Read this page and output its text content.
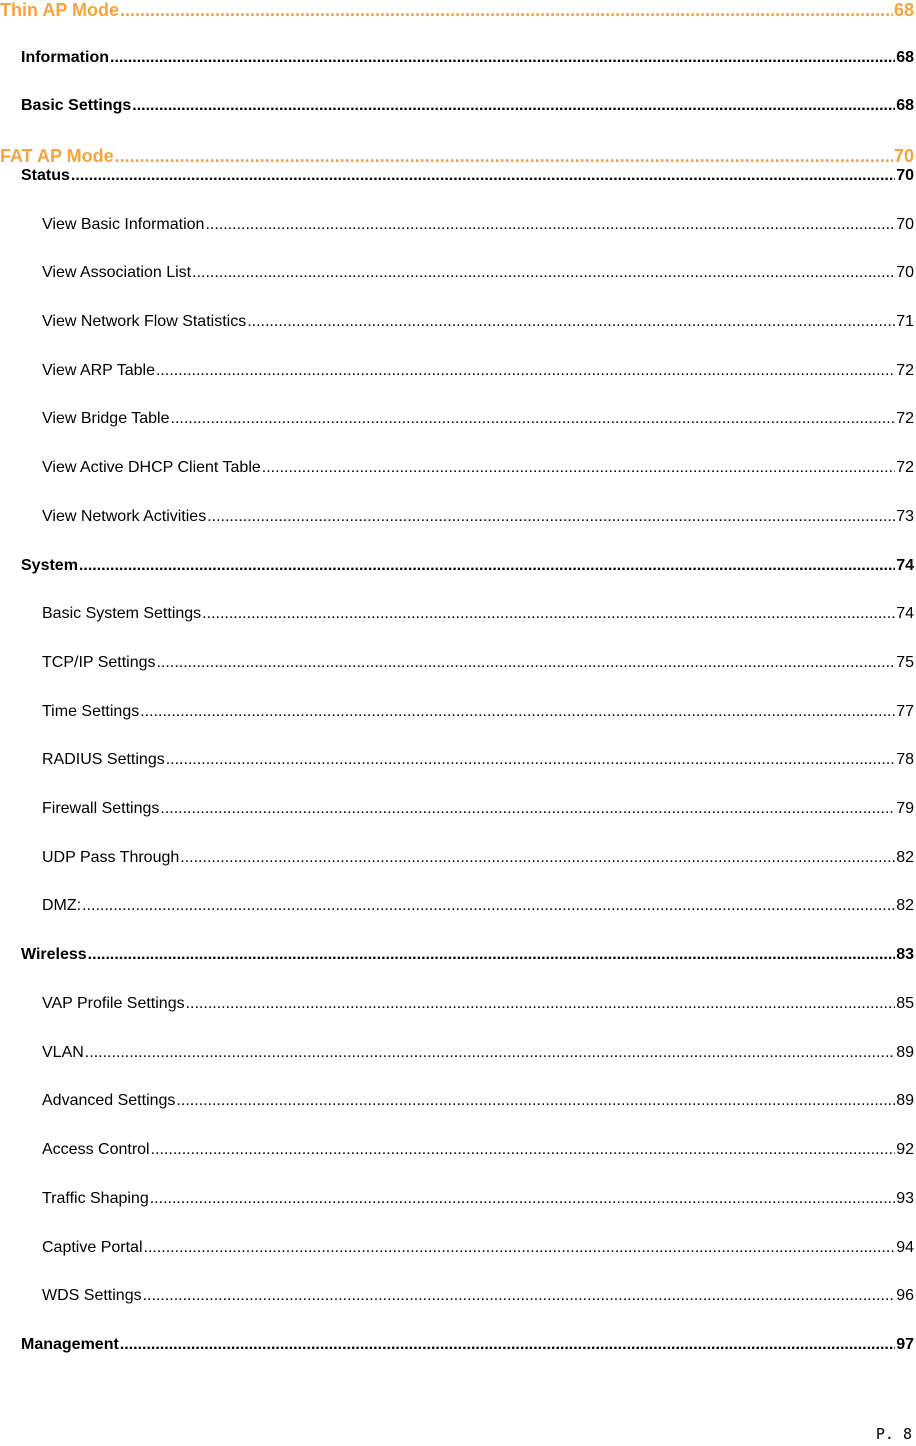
Thin AP Mode .....	68
Information .....	68
Basic Settings .....	68
FAT AP Mode .....	70
Status .....	70
View Basic Information .....	70
View Association List .....	70
View Network Flow Statistics .....	71
View ARP Table .....	72
View Bridge Table .....	72
View Active DHCP Client Table .....	72
View Network Activities .....	73
System .....	74
Basic System Settings .....	74
TCP/IP Settings .....	75
Time Settings .....	77
RADIUS Settings .....	78
Firewall Settings .....	79
UDP Pass Through .....	82
DMZ: .....	82
Wireless .....	83
VAP Profile Settings .....	85
VLAN .....	89
Advanced Settings .....	89
Access Control .....	92
Traffic Shaping .....	93
Captive Portal .....	94
WDS Settings .....	96
Management .....	97
P. 8
